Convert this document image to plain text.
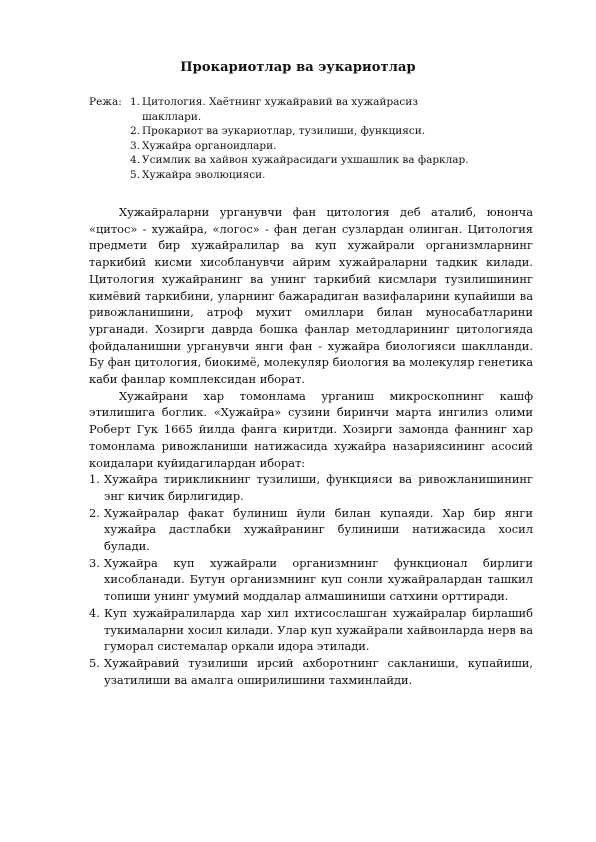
Прокариотлар ва эукариотлар
Режа: 1. Цитология. Хаётнинг хужайравий ва хужайрасиз
шакллари.
2. Прокариот ва эукариотлар, тузилиши, функцияси.
3. Хужайра органоидлари.
4. Усимлик ва хайвон хужайрасидаги ухшашлик ва фарклар.
5. Хужайра эволюцияси.

Хужайраларни урганувчи фан цитология деб аталиб, юнонча «цитос» - хужайра, «логос» - фан деган сузлардан олинган. Цитология предмети бир хужайралилар ва куп хужайрали организмларнинг таркибий кисми хисобланувчи айрим хужайраларни тадкик килади. Цитология хужайранинг ва унинг таркибий кисмлари тузилишининг кимёвий таркибини, уларнинг бажарадиган вазифаларини купайиши ва ривожланишини, атроф мухит омиллари билан муносабатларини урганади. Хозирги даврда бошка фанлар методларининг цитологияда фойдаланишни урганувчи янги фан - хужайра биологияси шаклланди. Бу фан цитология, биокимё, молекуляр биология ва молекуляр генетика каби фанлар комплексидан иборат.

Хужайрани хар томонлама урганиш микроскопнинг кашф этилишига боглик. «Хужайра» сузини биринчи марта ингилиз олими Роберт Гук 1665 йилда фанга киритди. Хозирги замонда фаннинг хар томонлама ривожланиши натижасида хужайра назариясининг асосий коидалари куйидагилардан иборат:

1. Хужайра тирикликнинг тузилиши, функцияси ва ривожланишининг энг кичик бирлигидир.
2. Хужайралар факат булиниш йули билан купаяди. Хар бир янги хужайра дастлабки хужайранинг булиниши натижасида хосил булади.
3. Хужайра куп хужайрали организмнинг функционал бирлиги хисобланади. Бутун организмнинг куп сонли хужайралардан ташкил топиши унинг умумий моддалар алмашиниши сатхини орттиради.
4. Куп хужайралиларда хар хил ихтисослашган хужайралар бирлашиб тукималарни хосил килади. Улар куп хужайрали хайвонларда нерв ва гуморал системалар оркали идора этилади.
5. Хужайравий тузилиши ирсий ахборотнинг сакланиши, купайиши, узатилиши ва амалга оширилишини тахминлайди.
